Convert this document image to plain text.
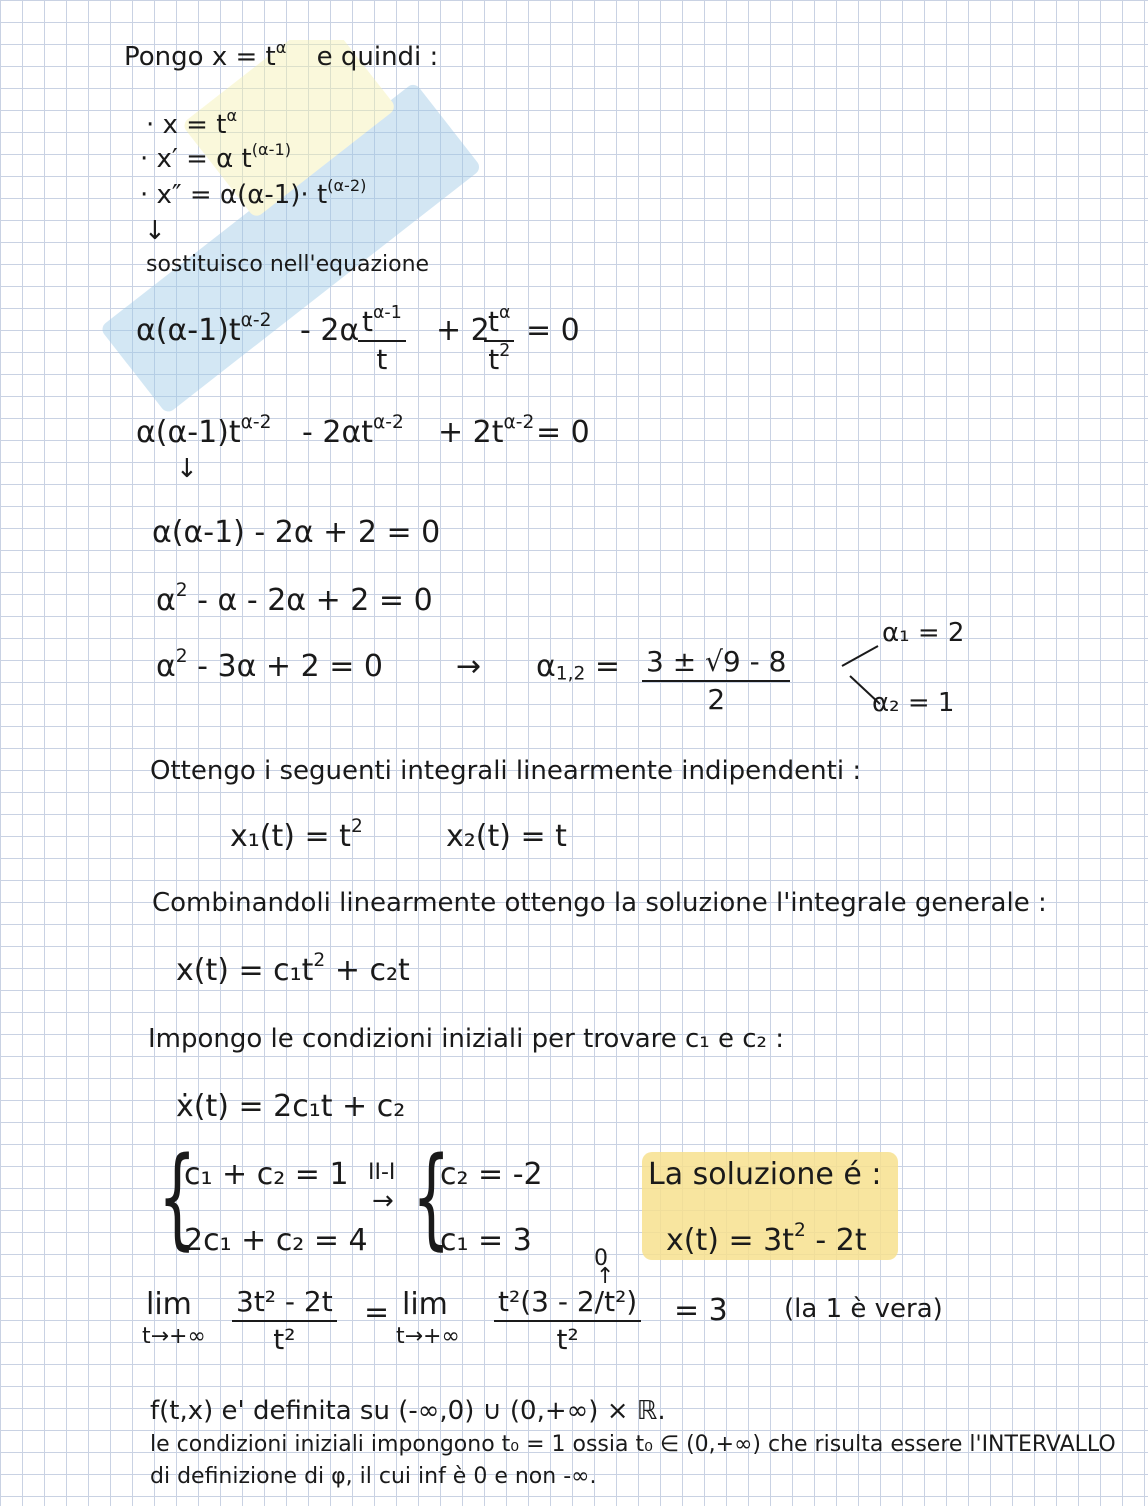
Pongo $x = t^\alpha$ e quindi :
· $x = t^\alpha$
· x′ = α $t^{(\alpha-1)}$
· $x'' = \alpha(\alpha-1)\cdot t^{(\alpha-2)}$
↓
sostituisco nell'equazione
$\alpha(\alpha-1)t^{\alpha-2} - 2\alpha$
$\frac{t^{\alpha-1}}{t} + 2$
$\frac{t^\alpha}{t^2} = 0$
$\alpha(\alpha-1)t^{\alpha-2} - 2\alpha t^{\alpha-2} + 2t^{\alpha-2} = 0$
↓
α(α-1) - 2α + 2 = 0
$\alpha^2 - \alpha - 2\alpha + 2 = 0$
$\alpha^2 - 3\alpha + 2 = 0 \to \alpha_{1,2} = \frac{3 \pm √9 - 8}{2}$
α₁ = 2
α₂ = 1
Ottengo i seguenti integrali linearmente indipendenti :
$x_1(t) = t^2$	x₂(t) = t
Combinandoli linearmente ottengo la soluzione l'integrale generale :
$x(t) = c_1t^2 + c_2t$
Impongo le condizioni iniziali per trovare c₁ e c₂ :
ẋ(t) = 2c₁t + c₂
{
c₁ + c₂ = 1
2c₁ + c₂ = 4
II-I
→ {
c₂ = -2
c₁ = 3
La soluzione é :
$x(t) = 3t^2 - 2t$
lim
$t\to+\infty \frac{\text{3t² - 2t}}{\text{t²}} = \lim$
t→+∞
0
↑
$\frac{\text{t²(3 - 2/t²)}}{\text{t²}} = 3$ (la 1 è vera)
f(t,x) e' definita su (-∞,0) ∪ (0,+∞) × ℝ.
le condizioni iniziali impongono t₀ = 1 ossia t₀ ∈ (0,+∞) che risulta essere l'INTERVALLO
di definizione di φ, il cui inf è 0 e non -∞.
